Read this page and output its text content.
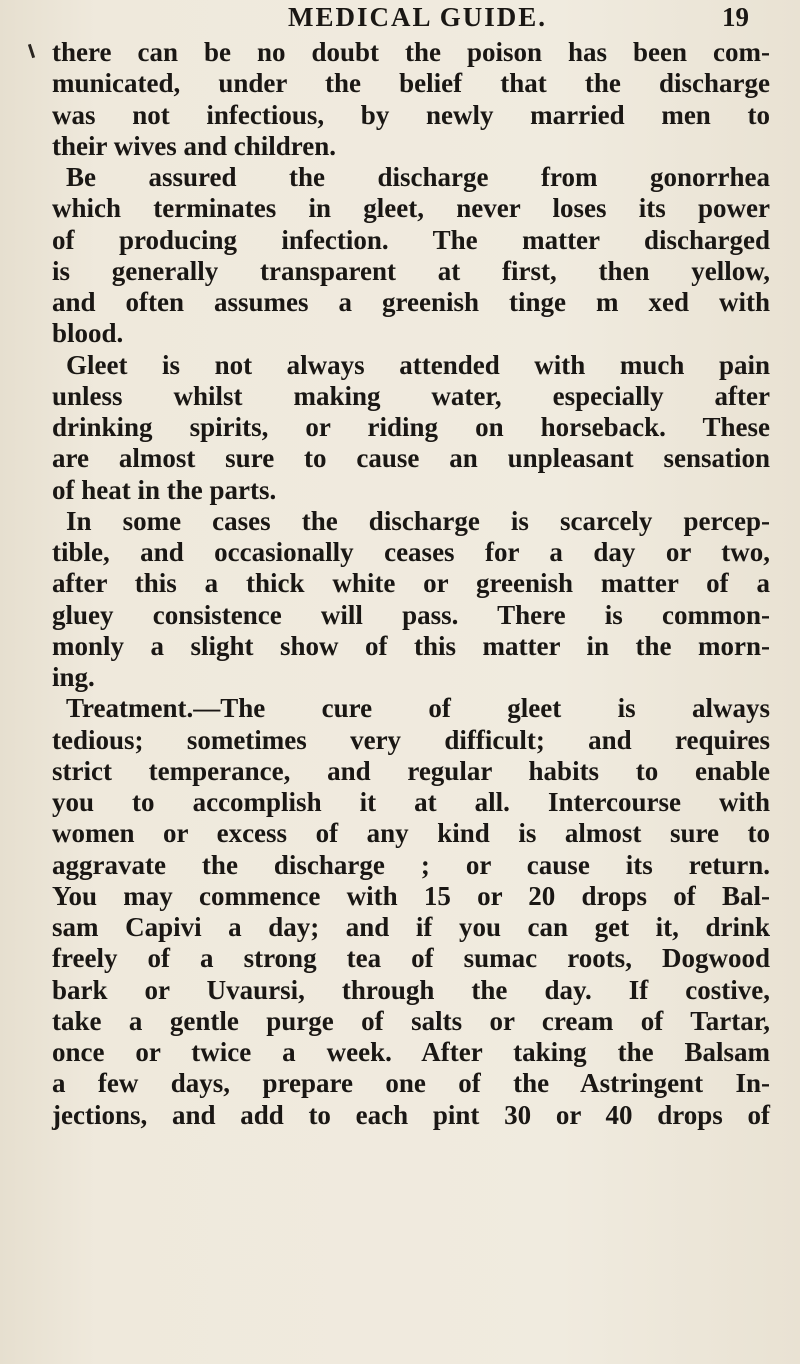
MEDICAL GUIDE.	19
there can be no doubt the poison has been com-
municated, under the belief that the discharge
was not infectious, by newly married men to
their wives and children.
Be assured the discharge from gonorrhea
which terminates in gleet, never loses its power
of producing infection. The matter discharged
is generally transparent at first, then yellow,
and often assumes a greenish tinge m xed with
blood.
Gleet is not always attended with much pain
unless whilst making water, especially after
drinking spirits, or riding on horseback. These
are almost sure to cause an unpleasant sensation
of heat in the parts.
In some cases the discharge is scarcely percep-
tible, and occasionally ceases for a day or two,
after this a thick white or greenish matter of a
gluey consistence will pass. There is common-
monly a slight show of this matter in the morn-
ing.
Treatment.—The cure of gleet is always
tedious; sometimes very difficult; and requires
strict temperance, and regular habits to enable
you to accomplish it at all. Intercourse with
women or excess of any kind is almost sure to
aggravate the discharge ; or cause its return.
You may commence with 15 or 20 drops of Bal-
sam Capivi a day; and if you can get it, drink
freely of a strong tea of sumac roots, Dogwood
bark or Uvaursi, through the day. If costive,
take a gentle purge of salts or cream of Tartar,
once or twice a week. After taking the Balsam
a few days, prepare one of the Astringent In-
jections, and add to each pint 30 or 40 drops of
